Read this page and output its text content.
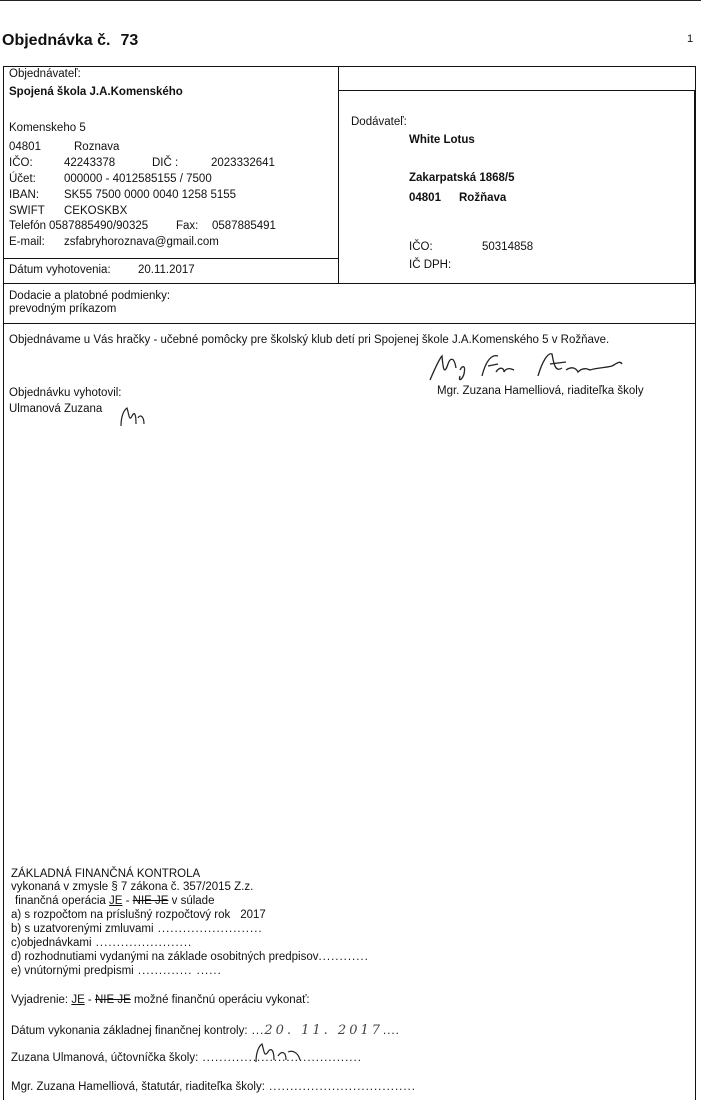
Objednávka č. 73	1
Objednávateľ:
Spojená škola J.A.Komenského
Komenskeho 5
04801	Roznava
IČO:	42243378	DIČ :	2023332641
Účet: 000000 - 4012585155 / 7500
IBAN: SK55 7500 0000 0040 1258 5155
SWIFT CEKOSKBX
Telefón 0587885490/90325 Fax: 0587885491
E-mail: zsfabryhoroznava@gmail.com
Dátum vyhotovenia: 20.11.2017
Dodávateľ:
White Lotus
Zakarpatská 1868/5
04801 Rožňava
IČO:	50314858
IČ DPH:
Dodacie a platobné podmienky:
prevodným príkazom
Objednávame u Vás hračky - učebné pomôcky pre školský klub detí pri Spojenej škole J.A.Komenského 5 v Rožňave.
Mgr. Zuzana Hamelliová, riaditeľka školy
Objednávku vyhotovil:
Ulmanová Zuzana
ZÁKLADNÁ FINANČNÁ KONTROLA
vykonaná v zmysle § 7 zákona č. 357/2015 Z.z.
finančná operácia JE - NIE JE v súlade
a) s rozpočtom na príslušný rozpočtový rok 2017
b) s uzatvorenými zmluvami .........................
c)objednávkami .......................
d) rozhodnutiami vydanými na základe osobitných predpisov............
e) vnútornými predpismi ............. ......
Vyjadrenie: JE - NIE JE možné finančnú operáciu vykonať:
Dátum vykonania základnej finančnej kontroly: ...20. 11. 2017....
Zuzana Ulmanová, účtovníčka školy: ......................................
Mgr. Zuzana Hamelliová, štatutár, riaditeľka školy: ...................................
